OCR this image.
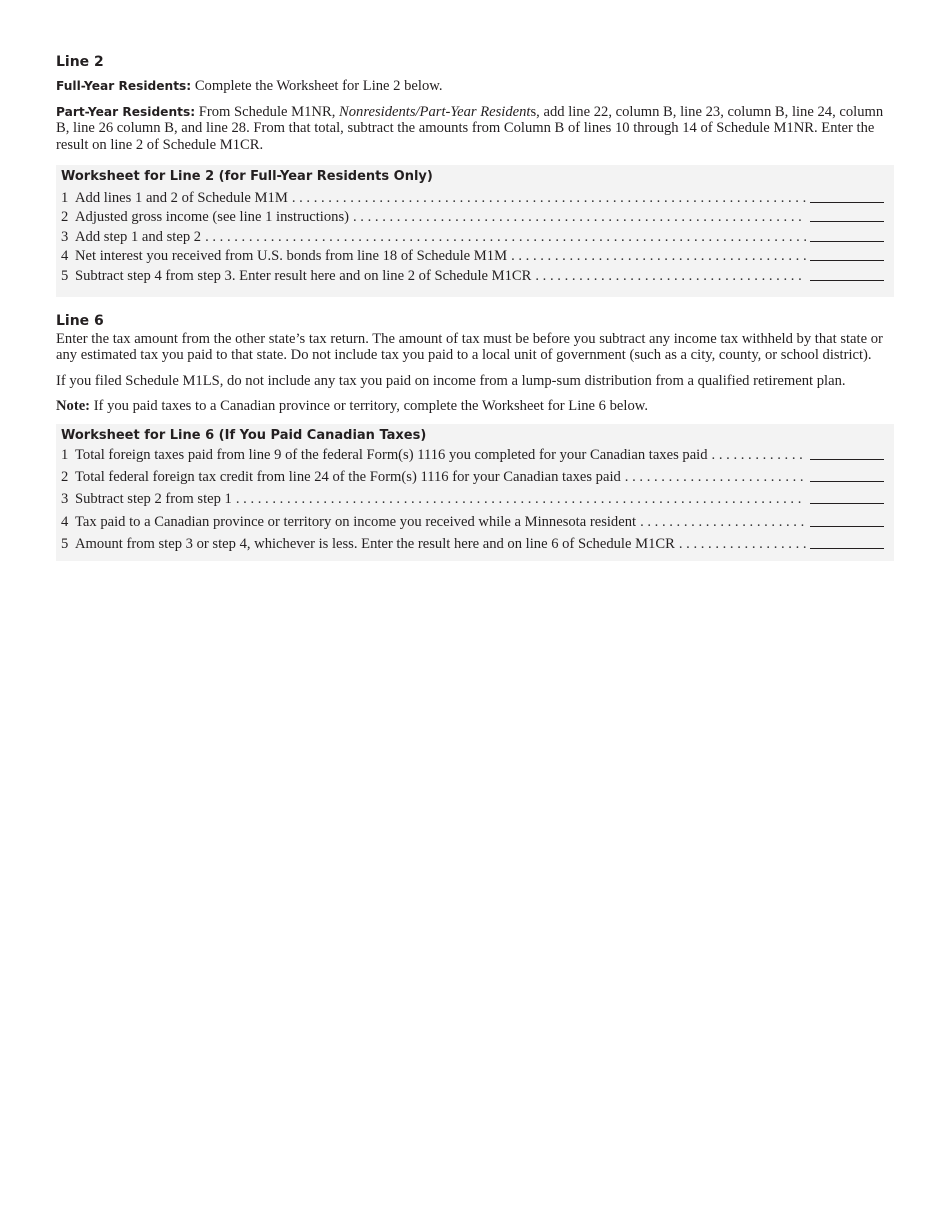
Line 2

Full-Year Residents: Complete the Worksheet for Line 2 below.

Part-Year Residents: From Schedule M1NR, Nonresidents/Part-Year Residents, add line 22, column B, line 23, column B, line 24, column B, line 26 column B, and line 28. From that total, subtract the amounts from Column B of lines 10 through 14 of Schedule M1NR. Enter the result on line 2 of Schedule M1CR.

Worksheet for Line 2 (for Full-Year Residents Only)
1 Add lines 1 and 2 of Schedule M1M
. . .
2 Adjusted gross income (see line 1 instructions)
. . .
3 Add step 1 and step 2
. . .
4 Net interest you received from U.S. bonds from line 18 of Schedule M1M
. . .
5 Subtract step 4 from step 3. Enter result here and on line 2 of Schedule M1CR
. . .
Line 6

Enter the tax amount from the other state’s tax return. The amount of tax must be before you subtract any income tax withheld by that state or any estimated tax you paid to that state. Do not include tax you paid to a local unit of government (such as a city, county, or school district).

If you filed Schedule M1LS, do not include any tax you paid on income from a lump-sum distribution from a qualified retirement plan.

Note: If you paid taxes to a Canadian province or territory, complete the Worksheet for Line 6 below.

Worksheet for Line 6 (If You Paid Canadian Taxes)
1 Total foreign taxes paid from line 9 of the federal Form(s) 1116 you completed for your Canadian taxes paid
. . .
2 Total federal foreign tax credit from line 24 of the Form(s) 1116 for your Canadian taxes paid
. . .
3 Subtract step 2 from step 1
. . .
4 Tax paid to a Canadian province or territory on income you received while a Minnesota resident
. . .
5 Amount from step 3 or step 4, whichever is less. Enter the result here and on line 6 of Schedule M1CR
. . .
